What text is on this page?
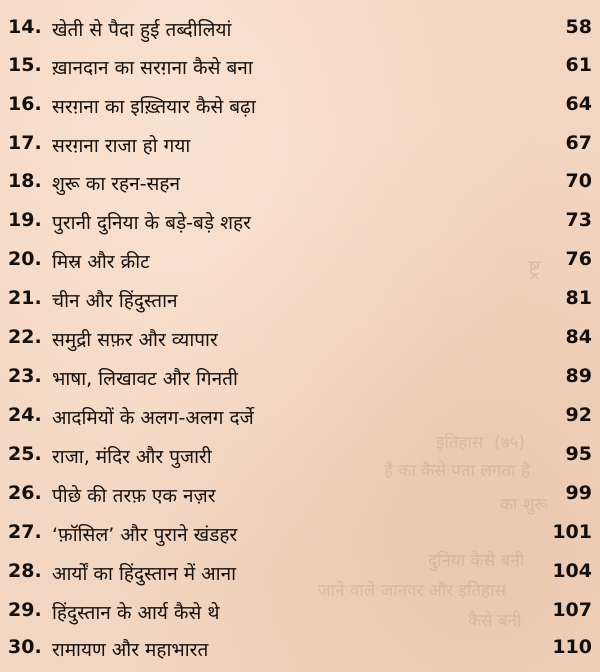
ष्ट्र
इतिहास  (७५)
हैं का कैसे पता लगता है
का शुरू
दुनिया कैसे बनी
जाने वाले जानवर और इतिहास
कैसे बनी
14. खेती से पैदा हुई तब्दीलियां	58
15. ख़ानदान का सरग़ना कैसे बना	61
16. सरग़ना का इख़्तियार कैसे बढ़ा	64
17. सरग़ना राजा हो गया	67
18. शुरू का रहन-सहन	70
19. पुरानी दुनिया के बड़े-बड़े शहर	73
20. मिस्र और क्रीट	76
21. चीन और हिंदुस्तान	81
22. समुद्री सफ़र और व्यापार	84
23. भाषा, लिखावट और गिनती	89
24. आदमियों के अलग-अलग दर्जे	92
25. राजा, मंदिर और पुजारी	95
26. पीछे की तरफ़ एक नज़र	99
27. ‘फ़ॉसिल’ और पुराने खंडहर	101
28. आर्यों का हिंदुस्तान में आना	104
29. हिंदुस्तान के आर्य कैसे थे	107
30. रामायण और महाभारत	110
